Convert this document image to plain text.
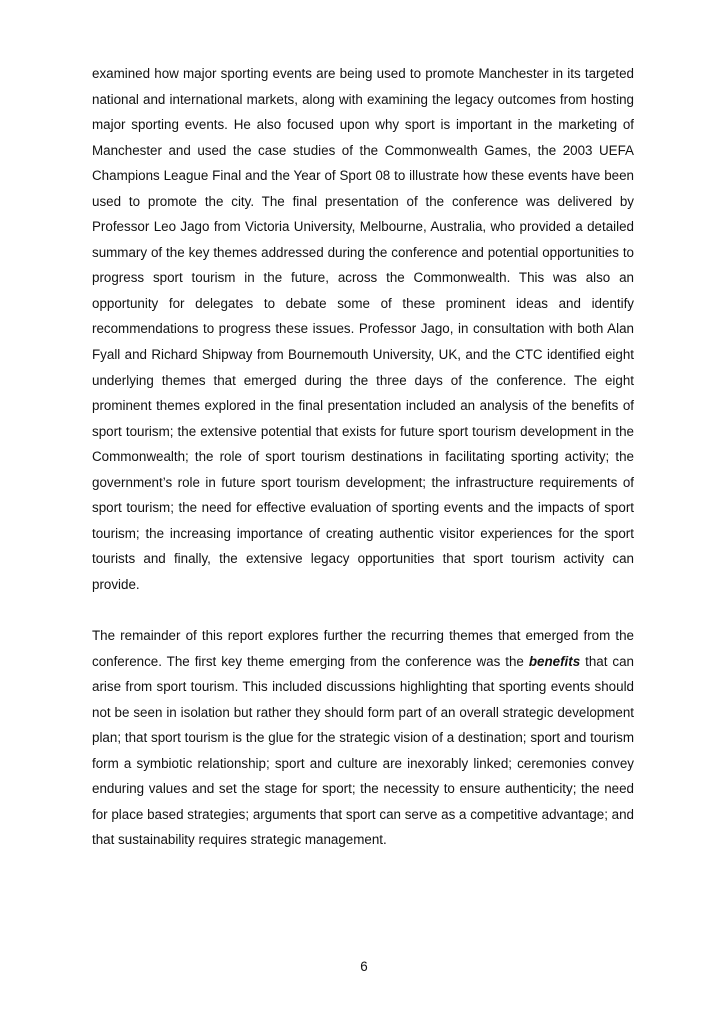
examined how major sporting events are being used to promote Manchester in its targeted national and international markets, along with examining the legacy outcomes from hosting major sporting events. He also focused upon why sport is important in the marketing of Manchester and used the case studies of the Commonwealth Games, the 2003 UEFA Champions League Final and the Year of Sport 08 to illustrate how these events have been used to promote the city. The final presentation of the conference was delivered by Professor Leo Jago from Victoria University, Melbourne, Australia, who provided a detailed summary of the key themes addressed during the conference and potential opportunities to progress sport tourism in the future, across the Commonwealth. This was also an opportunity for delegates to debate some of these prominent ideas and identify recommendations to progress these issues. Professor Jago, in consultation with both Alan Fyall and Richard Shipway from Bournemouth University, UK, and the CTC identified eight underlying themes that emerged during the three days of the conference. The eight prominent themes explored in the final presentation included an analysis of the benefits of sport tourism; the extensive potential that exists for future sport tourism development in the Commonwealth; the role of sport tourism destinations in facilitating sporting activity; the government’s role in future sport tourism development; the infrastructure requirements of sport tourism; the need for effective evaluation of sporting events and the impacts of sport tourism; the increasing importance of creating authentic visitor experiences for the sport tourists and finally, the extensive legacy opportunities that sport tourism activity can provide.

The remainder of this report explores further the recurring themes that emerged from the conference. The first key theme emerging from the conference was the benefits that can arise from sport tourism. This included discussions highlighting that sporting events should not be seen in isolation but rather they should form part of an overall strategic development plan; that sport tourism is the glue for the strategic vision of a destination; sport and tourism form a symbiotic relationship; sport and culture are inexorably linked; ceremonies convey enduring values and set the stage for sport; the necessity to ensure authenticity; the need for place based strategies; arguments that sport can serve as a competitive advantage; and that sustainability requires strategic management.

6
